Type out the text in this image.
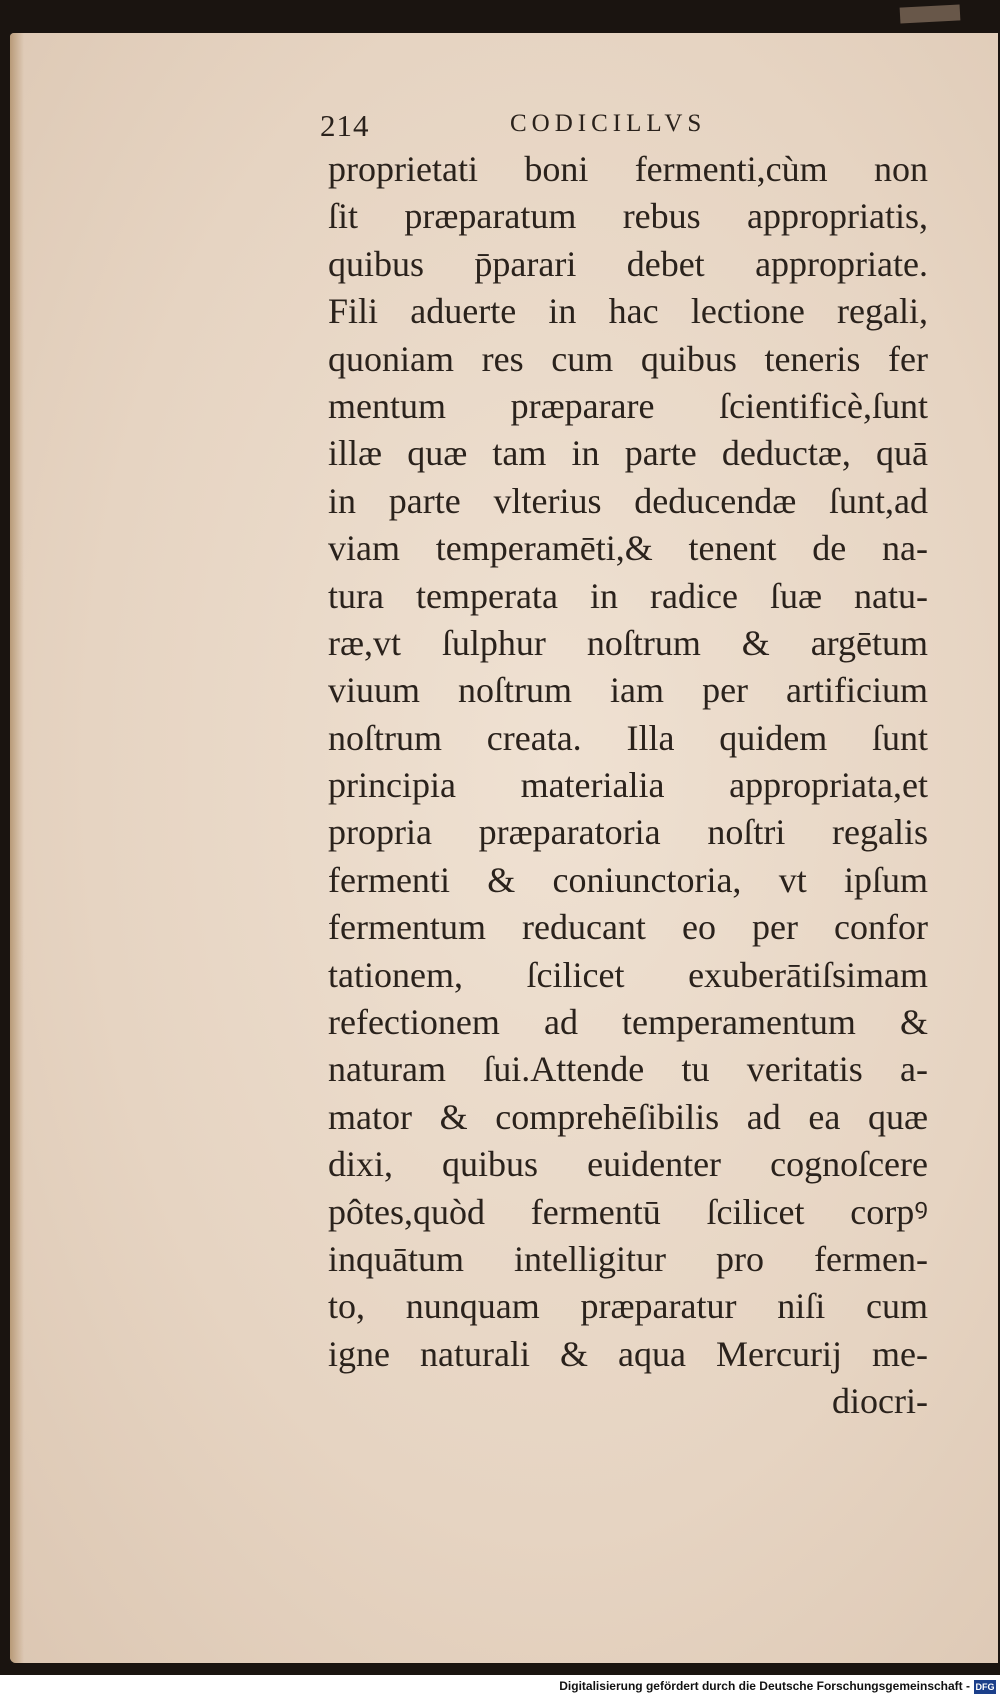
214	CODICILLVS
proprietati boni fermenti,cùm non
ſit præparatum rebus appropriatis,
quibus p̄parari debet appropriate.
Fili aduerte in hac lectione regali,
quoniam res cum quibus teneris fer
mentum præparare ſcientificè,ſunt
illæ quæ tam in parte deductæ, quā
in parte vlterius deducendæ ſunt,ad
viam temperamēti,& tenent de na-
tura temperata in radice ſuæ natu-
ræ,vt ſulphur noſtrum & argētum
viuum noſtrum iam per artificium
noſtrum creata. Illa quidem ſunt
principia materialia appropriata,et
propria præparatoria noſtri regalis
fermenti & coniunctoria, vt ipſum
fermentum reducant eo per confor
tationem, ſcilicet exuberātiſsimam
refectionem ad temperamentum &
naturam ſui.Attende tu veritatis a-
mator & comprehēſibilis ad ea quæ
dixi, quibus euidenter cognoſcere
pôtes,quòd fermentū ſcilicet corpꝰ
inquātum intelligitur pro fermen-
to, nunquam præparatur niſi cum
igne naturali & aqua Mercurij me-
diocri-
Digitalisierung gefördert durch die Deutsche Forschungsgemeinschaft - DFG
